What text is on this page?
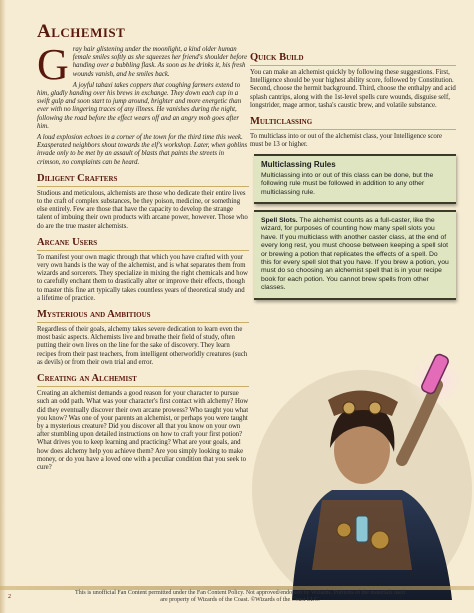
Alchemist
G ray hair glistening under the moonlight, a kind older human female smiles softly as she squeezes her friend's shoulder before handing over a bubbling flask. As soon as he drinks it, his fresh wounds vanish, and he smiles back.

A joyful tabaxi takes coppers that coughing farmers extend to him, gladly handing over his brews in exchange. They down each cup in a swift gulp and soon start to jump around, brighter and more energetic than ever with no lingering traces of any illness. He vanishes during the night, following the road before the effect wears off and an angry mob goes after him.

A loud explosion echoes in a corner of the town for the third time this week. Exasperated neighbors shout towards the elf's workshop. Later, when goblins invade only to be met by an assault of blasts that paints the streets in crimson, no complaints can be heard.

Diligent Crafters

Studious and meticulous, alchemists are those who dedicate their entire lives to the craft of complex substances, be they poison, medicine, or something else entirely. Few are those that have the capacity to develop the strange talent of imbuing their own products with arcane power, however. Those who do are the true master alchemists.

Arcane Users

To manifest your own magic through that which you have crafted with your very own hands is the way of the alchemist, and is what separates them from wizards and sorcerers. They specialize in mixing the right chemicals and how to carefully enchant them to drastically alter or improve their effects, though to master this fine art typically takes countless years of theoretical study and a lifetime of practice.

Mysterious and Ambitious

Regardless of their goals, alchemy takes severe dedication to learn even the most basic aspects. Alchemists live and breathe their field of study, often putting their own lives on the line for the sake of discovery. They learn recipes from their past teachers, from intelligent otherworldly creatures (such as devils) or from their own trial and error.

Creating an Alchemist

Creating an alchemist demands a good reason for your character to pursue such an odd path. What was your character's first contact with alchemy? How did they eventually discover their own arcane prowess? Who taught you what you know? Was one of your parents an alchemist, or perhaps you were taught by a mysterious creature? Did you discover all that you know on your own after stumbling upon detailed instructions on how to craft your first potion? What drives you to keep learning and practicing? What are your goals, and how does alchemy help you achieve them? Are you simply looking to make money, or do you have a loved one with a peculiar condition that you seek to cure?

Quick Build

You can make an alchemist quickly by following these suggestions. First, Intelligence should be your highest ability score, followed by Constitution. Second, choose the hermit background. Third, choose the enthalpy and acid splash cantrips, along with the 1st-level spells cure wounds, disguise self, longstrider, mage armor, tasha's caustic brew, and volatile substance.

Multiclassing

To multiclass into or out of the alchemist class, your Intelligence score must be 13 or higher.

Multiclassing Rules
Multiclassing into or out of this class can be done, but the following rule must be followed in addition to any other multiclassing rule.
Spell Slots. The alchemist counts as a full-caster, like the wizard, for purposes of counting how many spell slots you have. If you multiclass with another caster class, at the end of every long rest, you must choose between keeping a spell slot or brewing a potion that replicates the effects of a spell. Do this for every spell slot that you have. If you brew a potion, you must do so choosing an alchemist spell that is in your recipe book for each potion. You cannot brew spells from other classes.
2
This is unofficial Fan Content permitted under the Fan Content Policy. Not approved/endorsed by Wizards. Portions of the materials used
are property of Wizards of the Coast. ©Wizards of the Coast LLC.
